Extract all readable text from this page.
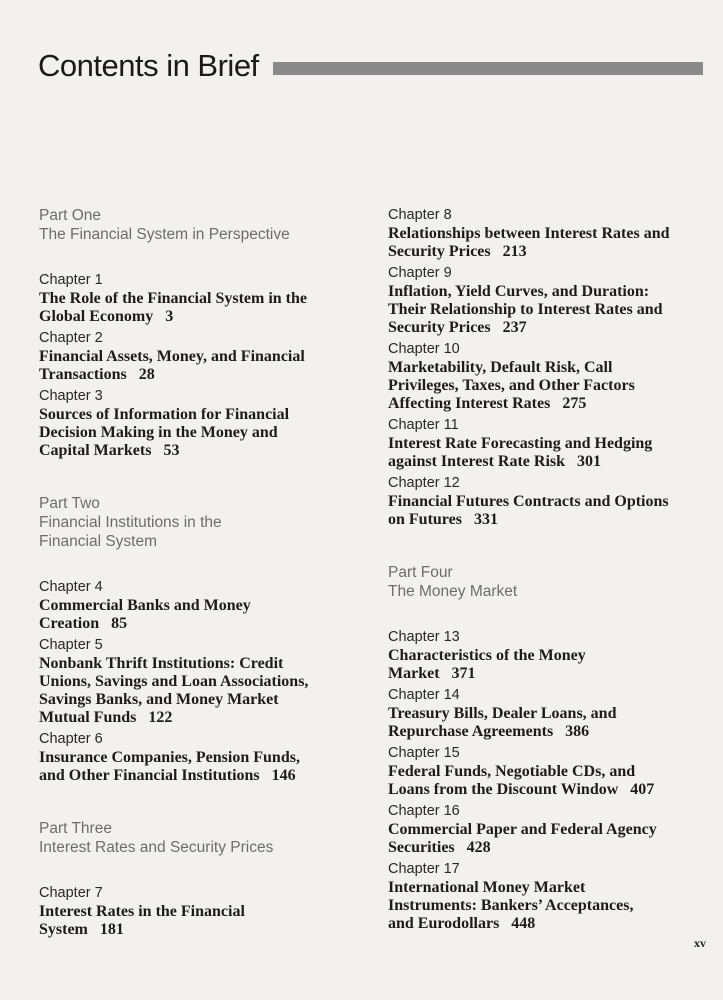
Contents in Brief
Part One
The Financial System in Perspective
Chapter 1
The Role of the Financial System in the
Global Economy 3
Chapter 2
Financial Assets, Money, and Financial
Transactions 28
Chapter 3
Sources of Information for Financial
Decision Making in the Money and
Capital Markets 53
Part Two
Financial Institutions in the
Financial System
Chapter 4
Commercial Banks and Money
Creation 85
Chapter 5
Nonbank Thrift Institutions: Credit
Unions, Savings and Loan Associations,
Savings Banks, and Money Market
Mutual Funds 122
Chapter 6
Insurance Companies, Pension Funds,
and Other Financial Institutions 146
Part Three
Interest Rates and Security Prices
Chapter 7
Interest Rates in the Financial
System 181
Chapter 8
Relationships between Interest Rates and
Security Prices 213
Chapter 9
Inflation, Yield Curves, and Duration:
Their Relationship to Interest Rates and
Security Prices 237
Chapter 10
Marketability, Default Risk, Call
Privileges, Taxes, and Other Factors
Affecting Interest Rates 275
Chapter 11
Interest Rate Forecasting and Hedging
against Interest Rate Risk 301
Chapter 12
Financial Futures Contracts and Options
on Futures 331
Part Four
The Money Market
Chapter 13
Characteristics of the Money
Market 371
Chapter 14
Treasury Bills, Dealer Loans, and
Repurchase Agreements 386
Chapter 15
Federal Funds, Negotiable CDs, and
Loans from the Discount Window 407
Chapter 16
Commercial Paper and Federal Agency
Securities 428
Chapter 17
International Money Market
Instruments: Bankers’ Acceptances,
and Eurodollars 448
xv
